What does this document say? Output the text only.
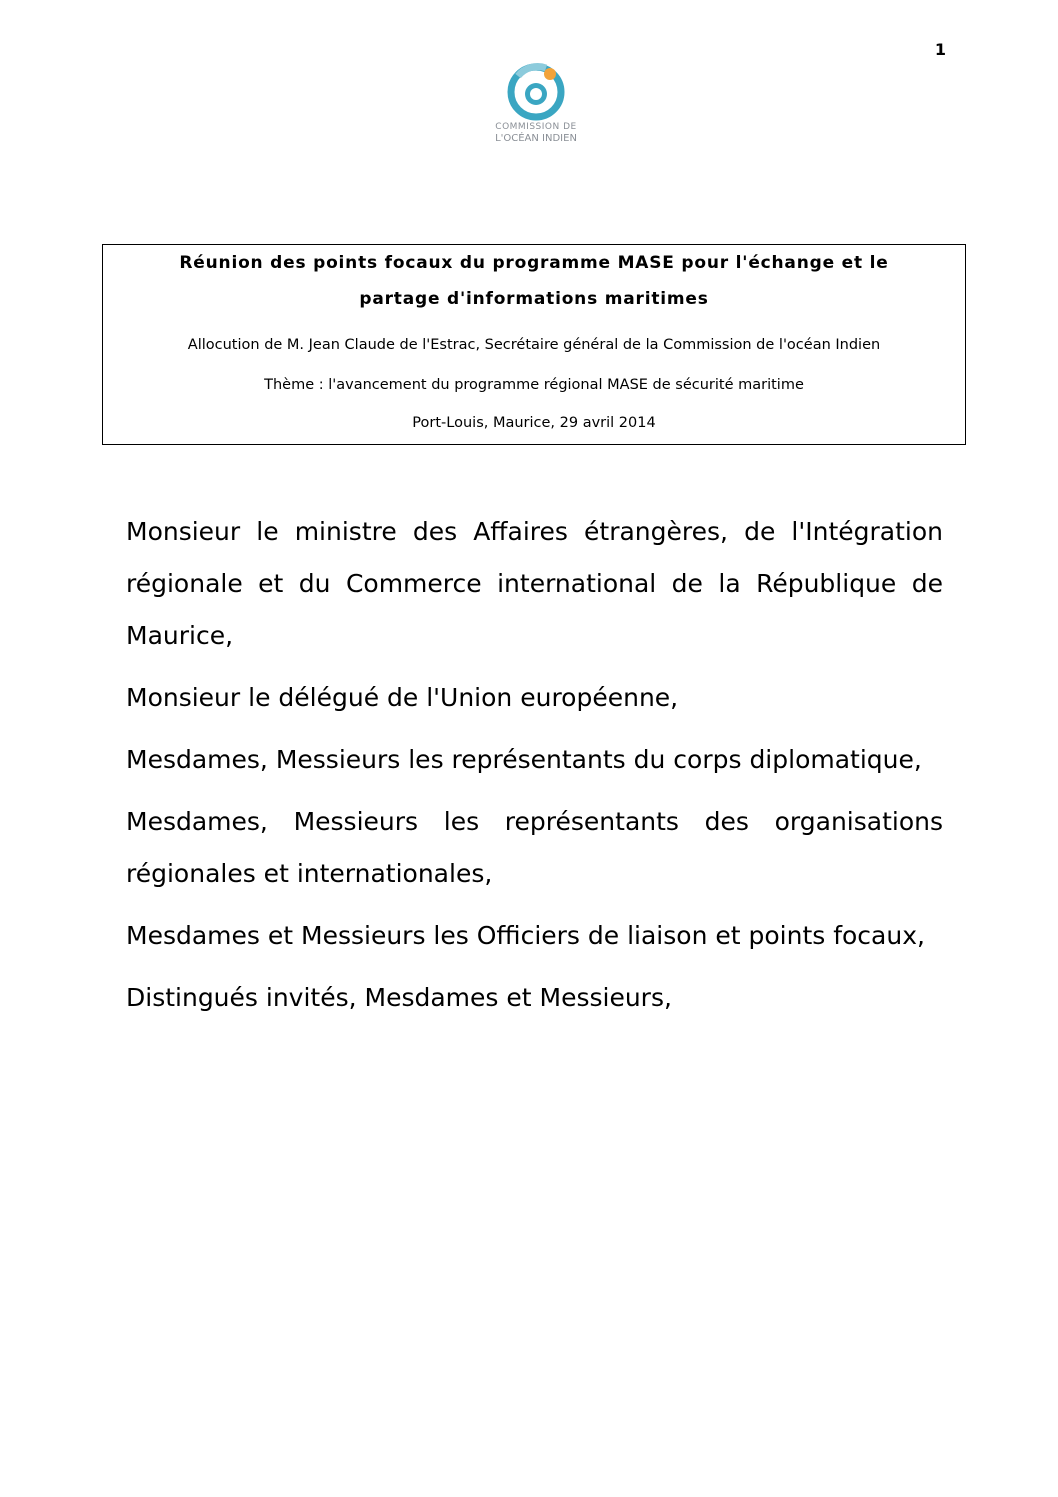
1
COMMISSION DE
L'OCÉAN INDIEN
Réunion des points focaux du programme MASE pour l'échange et le
partage d'informations maritimes
Allocution de M. Jean Claude de l'Estrac, Secrétaire général de la Commission de l'océan Indien
Thème : l'avancement du programme régional MASE de sécurité maritime
Port-Louis, Maurice, 29 avril 2014

Monsieur le ministre des Affaires étrangères, de l'Intégration régionale et du Commerce international de la République de Maurice,

Monsieur le délégué de l'Union européenne,

Mesdames, Messieurs les représentants du corps diplomatique,

Mesdames, Messieurs les représentants des organisations régionales et internationales,

Mesdames et Messieurs les Officiers de liaison et points focaux,

Distingués invités, Mesdames et Messieurs,
